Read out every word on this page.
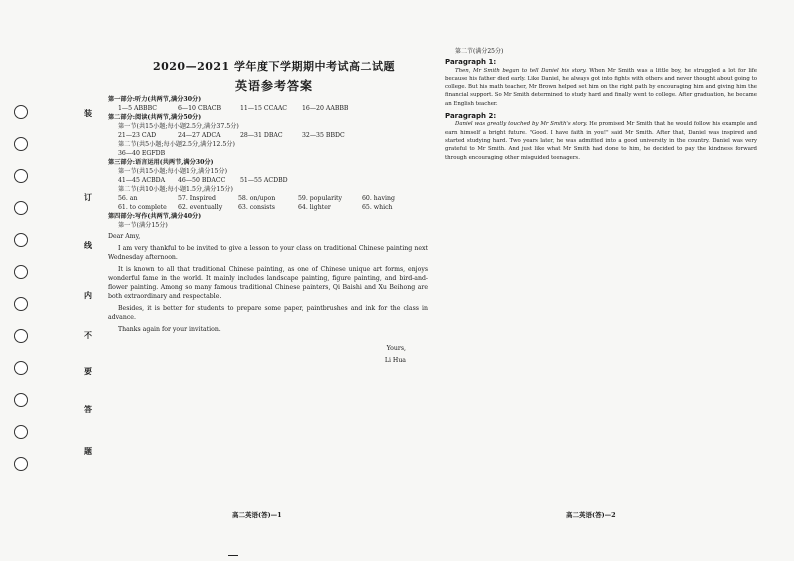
装
订
线
内
不
要
答
题
2020—2021 学年度下学期期中考试高二试题
英语参考答案
第一部分:听力(共两节,满分30分)
1—5 ABBBC	6—10 CBACB	11—15 CCAAC	16—20 AABBB
第二部分:阅读(共两节,满分50分)
第一节(共15小题;每小题2.5分,满分37.5分)
21—23 CAD	24—27 ADCA	28—31 DBAC	32—35 BBDC
第二节(共5小题;每小题2.5分,满分12.5分)
36—40 EGFDB
第三部分:语言运用(共两节,满分30分)
第一节(共15小题;每小题1分,满分15分)
41—45 ACBDA	46—50 BDACC	51—55 ACDBD
第二节(共10小题;每小题1.5分,满分15分)
56. an	57. Inspired	58. on/upon	59. popularity	60. having
61. to complete	62. eventually	63. consists	64. lighter	65. which
第四部分:写作(共两节,满分40分)
第一节(满分15分)
Dear Amy,

I am very thankful to be invited to give a lesson to your class on traditional Chinese painting next Wednesday afternoon.

It is known to all that traditional Chinese painting, as one of Chinese unique art forms, enjoys wonderful fame in the world. It mainly includes landscape painting, figure painting, and bird-and-flower painting. Among so many famous traditional Chinese painters, Qi Baishi and Xu Beihong are both extraordinary and respectable.

Besides, it is better for students to prepare some paper, paintbrushes and ink for the class in advance.

Thanks again for your invitation.

Yours,
Li Hua
第二节(满分25分)
Paragraph 1:

Then, Mr Smith began to tell Daniel his story. When Mr Smith was a little boy, he struggled a lot for life because his father died early. Like Daniel, he always got into fights with others and never thought about going to college. But his math teacher, Mr Brown helped set him on the right path by encouraging him and giving him the financial support. So Mr Smith determined to study hard and finally went to college. After graduation, he became an English teacher.

Paragraph 2:

Daniel was greatly touched by Mr Smith's story. He promised Mr Smith that he would follow his example and earn himself a bright future. "Good. I have faith in you!" said Mr Smith. After that, Daniel was inspired and started studying hard. Two years later, he was admitted into a good university in the country. Daniel was very grateful to Mr Smith. And just like what Mr Smith had done to him, he decided to pay the kindness forward through encouraging other misguided teenagers.

高二英语(答)—1	高二英语(答)—2
